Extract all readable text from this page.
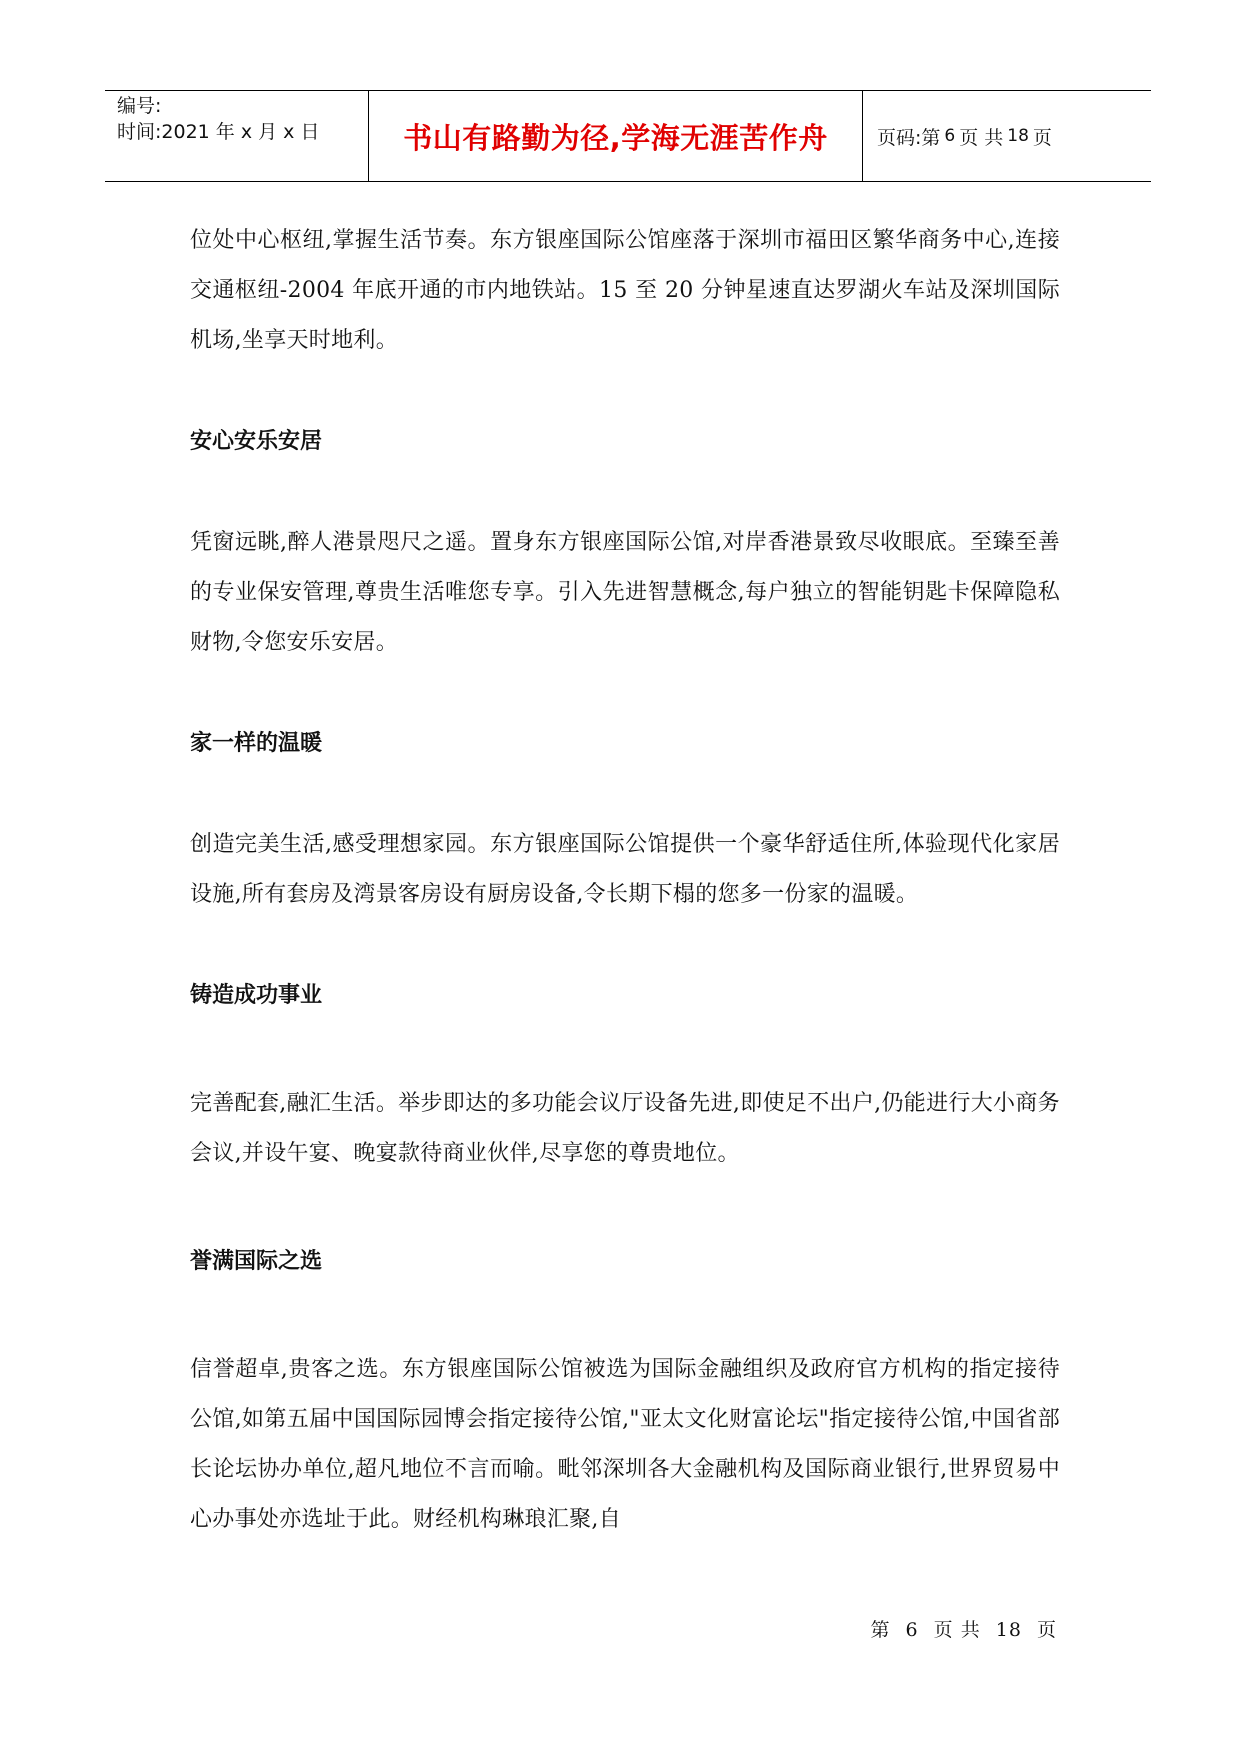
编号:
时间:2021 年 x 月 x 日	书山有路勤为径,学海无涯苦作舟	页码:第 6 页 共 18 页

位处中心枢纽,掌握生活节奏。东方银座国际公馆座落于深圳市福田区繁华商务中心,连接交通枢纽-2004 年底开通的市内地铁站。15 至 20 分钟星速直达罗湖火车站及深圳国际机场,坐享天时地利。

安心安乐安居

凭窗远眺,醉人港景咫尺之遥。置身东方银座国际公馆,对岸香港景致尽收眼底。至臻至善的专业保安管理,尊贵生活唯您专享。引入先进智慧概念,每户独立的智能钥匙卡保障隐私财物,令您安乐安居。

家一样的温暖

创造完美生活,感受理想家园。东方银座国际公馆提供一个豪华舒适住所,体验现代化家居设施,所有套房及湾景客房设有厨房设备,令长期下榻的您多一份家的温暖。

铸造成功事业

完善配套,融汇生活。举步即达的多功能会议厅设备先进,即使足不出户,仍能进行大小商务会议,并设午宴、晚宴款待商业伙伴,尽享您的尊贵地位。

誉满国际之选

信誉超卓,贵客之选。东方银座国际公馆被选为国际金融组织及政府官方机构的指定接待公馆,如第五届中国国际园博会指定接待公馆,"亚太文化财富论坛"指定接待公馆,中国省部长论坛协办单位,超凡地位不言而喻。毗邻深圳各大金融机构及国际商业银行,世界贸易中心办事处亦选址于此。财经机构琳琅汇聚,自

第 6 页 共 18 页
